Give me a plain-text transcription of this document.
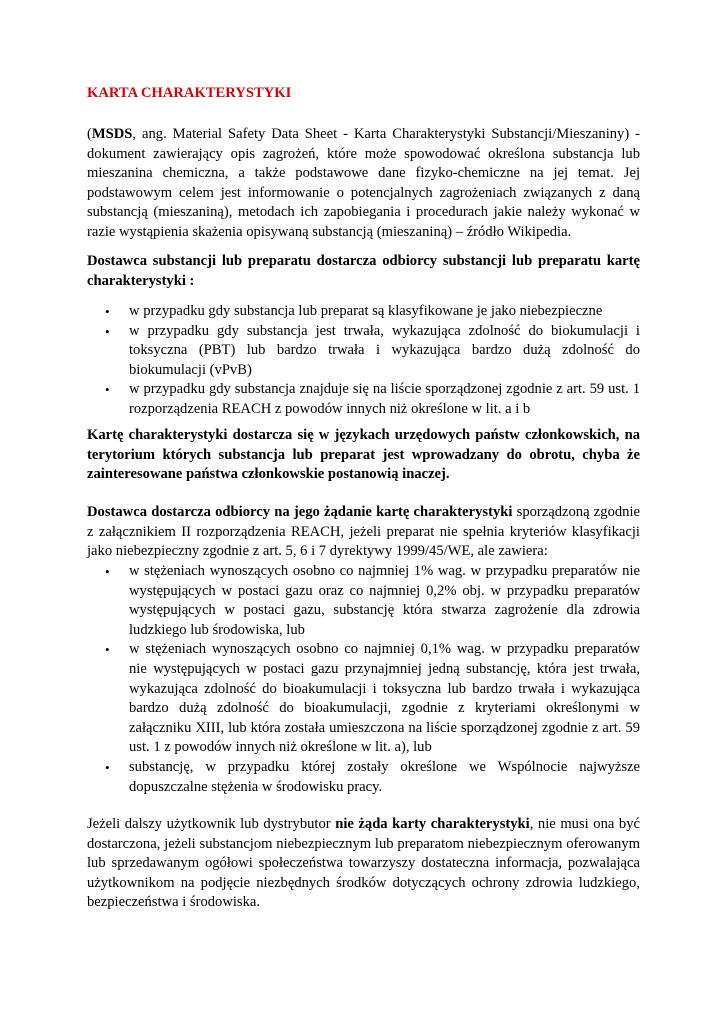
KARTA CHARAKTERYSTYKI

(MSDS, ang. Material Safety Data Sheet - Karta Charakterystyki Substancji/Mieszaniny) - dokument zawierający opis zagrożeń, które może spowodować określona substancja lub mieszanina chemiczna, a także podstawowe dane fizyko-chemiczne na jej temat. Jej podstawowym celem jest informowanie o potencjalnych zagrożeniach związanych z daną substancją (mieszaniną), metodach ich zapobiegania i procedurach jakie należy wykonać w razie wystąpienia skażenia opisywaną substancją (mieszaniną) – źródło Wikipedia.

Dostawca substancji lub preparatu dostarcza odbiorcy substancji lub preparatu kartę charakterystyki :

• w przypadku gdy substancja lub preparat są klasyfikowane je jako niebezpieczne
• w przypadku gdy substancja jest trwała, wykazująca zdolność do biokumulacji i toksyczna (PBT) lub bardzo trwała i wykazująca bardzo dużą zdolność do biokumulacji (vPvB)
• w przypadku gdy substancja znajduje się na liście sporządzonej zgodnie z art. 59 ust. 1 rozporządzenia REACH z powodów innych niż określone w lit. a i b

Kartę charakterystyki dostarcza się w językach urzędowych państw członkowskich, na terytorium których substancja lub preparat jest wprowadzany do obrotu, chyba że zainteresowane państwa członkowskie postanowią inaczej.

Dostawca dostarcza odbiorcy na jego żądanie kartę charakterystyki sporządzoną zgodnie z załącznikiem II rozporządzenia REACH, jeżeli preparat nie spełnia kryteriów klasyfikacji jako niebezpieczny zgodnie z art. 5, 6 i 7 dyrektywy 1999/45/WE, ale zawiera:

• w stężeniach wynoszących osobno co najmniej 1% wag. w przypadku preparatów nie występujących w postaci gazu oraz co najmniej 0,2% obj. w przypadku preparatów występujących w postaci gazu, substancję która stwarza zagrożenie dla zdrowia ludzkiego lub środowiska, lub
• w stężeniach wynoszących osobno co najmniej 0,1% wag. w przypadku preparatów nie występujących w postaci gazu przynajmniej jedną substancję, która jest trwała, wykazująca zdolność do bioakumulacji i toksyczna lub bardzo trwała i wykazująca bardzo dużą zdolność do bioakumulacji, zgodnie z kryteriami określonymi w załączniku XIII, lub która została umieszczona na liście sporządzonej zgodnie z art. 59 ust. 1 z powodów innych niż określone w lit. a), lub
• substancję, w przypadku której zostały określone we Wspólnocie najwyższe dopuszczalne stężenia w środowisku pracy.

Jeżeli dalszy użytkownik lub dystrybutor nie żąda karty charakterystyki, nie musi ona być dostarczona, jeżeli substancjom niebezpiecznym lub preparatom niebezpiecznym oferowanym lub sprzedawanym ogółowi społeczeństwa towarzyszy dostateczna informacja, pozwalająca użytkownikom na podjęcie niezbędnych środków dotyczących ochrony zdrowia ludzkiego, bezpieczeństwa i środowiska.
